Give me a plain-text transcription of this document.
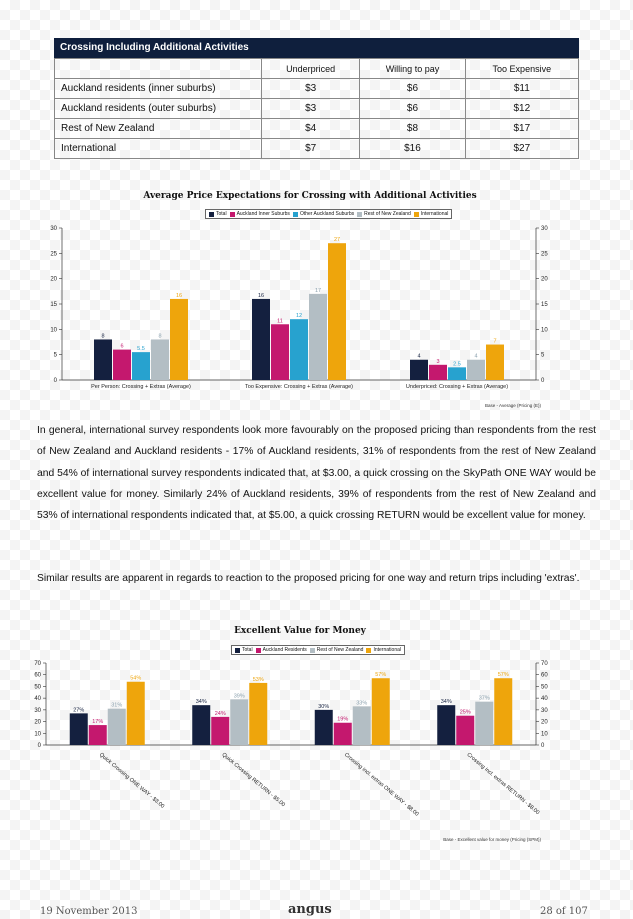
Crossing Including Additional Activities
	Underpriced	Willing to pay	Too Expensive
Auckland residents (inner suburbs)	$3	$6	$11
Auckland residents (outer suburbs)	$3	$6	$12
Rest of New Zealand	$4	$8	$17
International	$7	$16	$27
Average Price Expectations for Crossing with Additional Activities
Total Auckland Inner Suburbs Other Auckland Suburbs Rest of New Zealand International
0	0
5	5
10	10
15	15
20	20
25	25
30	30
8
6 5.5
8
16
Per Person: Crossing + Extras (Average)
16
11
12
17
27
Too Expensive: Crossing + Extras (Average)
4
3 2.5
4
7
Underpriced: Crossing + Extras (Average)
Base - Average (Pricing (E))
In general, international survey respondents look more favourably on the proposed pricing than respondents from the rest of New Zealand and Auckland residents - 17% of Auckland residents, 31% of respondents from the rest of New Zealand and 54% of international survey respondents indicated that, at $3.00, a quick crossing on the SkyPath ONE WAY would be excellent value for money. Similarly 24% of Auckland residents, 39% of respondents from the rest of New Zealand and 53% of international respondents indicated that, at $5.00, a quick crossing RETURN would be excellent value for money.
Similar results are apparent in regards to reaction to the proposed pricing for one way and return trips including 'extras'.
Excellent Value for Money
Total Auckland Residents Rest of New Zealand International
0	0
10	10
20	20
30	30
40	40
50	50
60	60
70	70
27%
17%
31%
54%
Quick Crossing ONE WAY - $3.00
34%
24%
39%
53%
Quick Crossing RETURN - $5.00
30%
19%
33%
57%
Crossing incl. extras ONE WAY - $8.00
34%
25%
37%
57%
Crossing incl. extras RETURN - $8.00
Base - Excellent value for money (Pricing (SPM))
19 November 2013	angus	28 of 107
